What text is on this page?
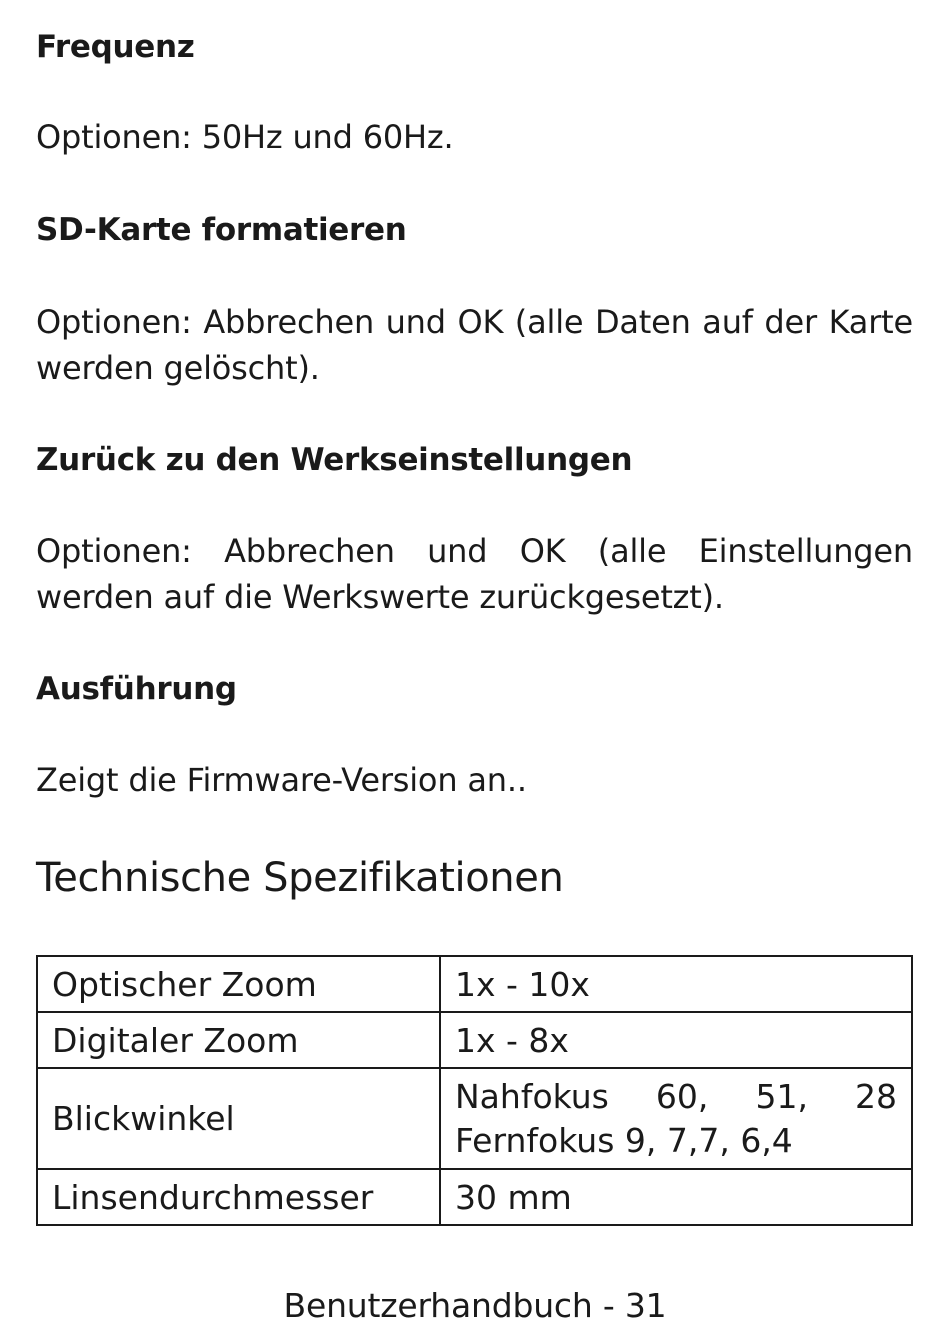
Frequenz
Optionen: 50Hz und 60Hz.
SD-Karte formatieren
Optionen: Abbrechen und OK (alle Daten auf der Karte werden gelöscht).
Zurück zu den Werkseinstellungen
Optionen: Abbrechen und OK (alle Einstellungen werden auf die Werkswerte zurückgesetzt).
Ausführung
Zeigt die Firmware-Version an..
Technische Spezifikationen
Optischer Zoom	1x - 10x
Digitaler Zoom	1x - 8x
Blickwinkel	Nahfokus 60, 51, 28 Fernfokus 9, 7,7, 6,4
Linsendurchmesser	30 mm
Benutzerhandbuch - 31
